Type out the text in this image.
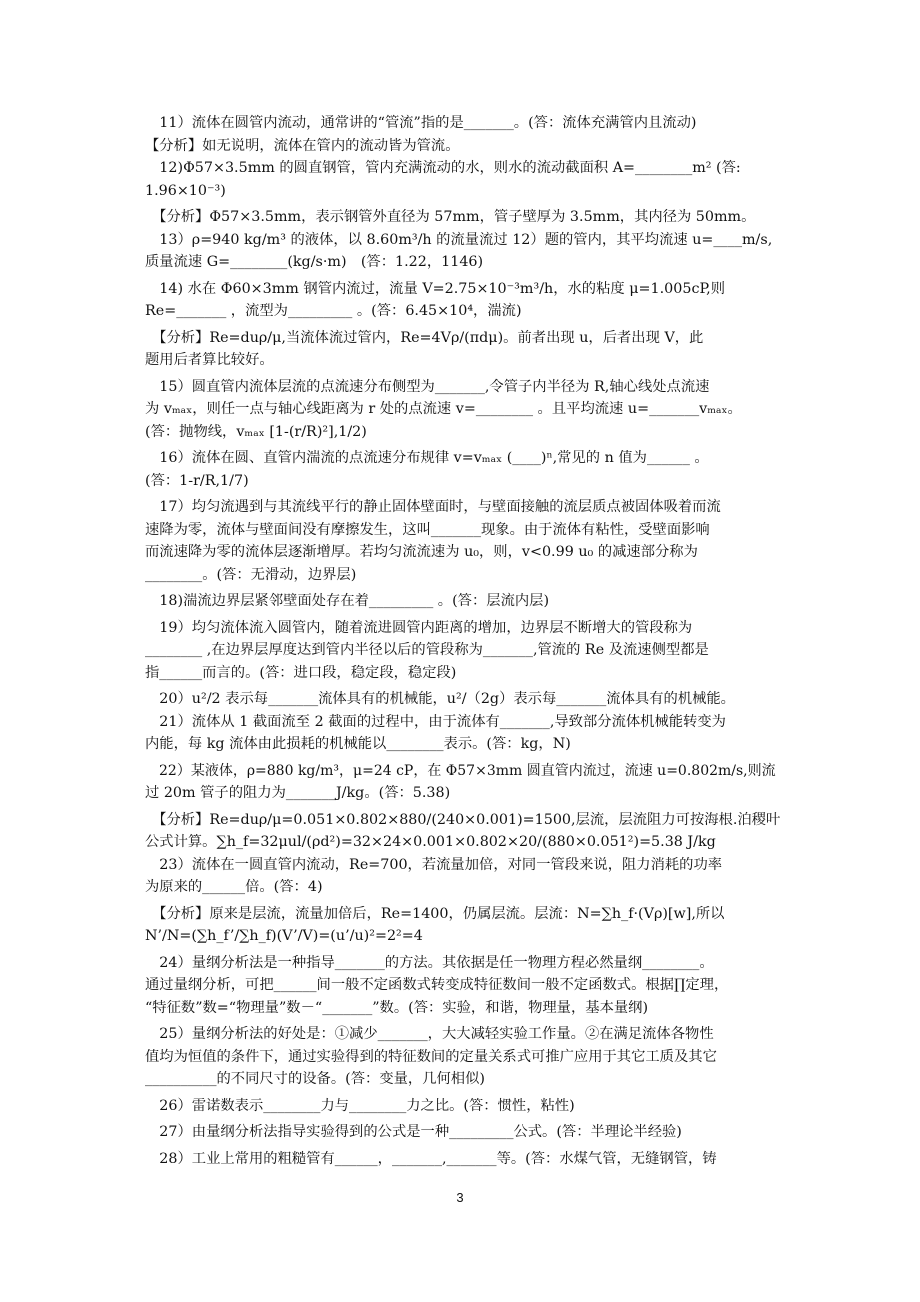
　11）流体在圆管内流动，通常讲的“管流”指的是_______。(答：流体充满管内且流动)
【分析】如无说明，流体在管内的流动皆为管流。
　12)Φ57×3.5mm 的圆直钢管，管内充满流动的水，则水的流动截面积 A=________m² (答:
1.96×10⁻³)
　【分析】Φ57×3.5mm，表示钢管外直径为 57mm，管子壁厚为 3.5mm，其内径为 50mm。
　13）ρ=940 kg/m³ 的液体，以 8.60m³/h 的流量流过 12）题的管内，其平均流速 u=____m/s,
质量流速 G=________(kg/s·m)　(答：1.22，1146)
　14) 水在 Φ60×3mm 钢管内流过，流量 V=2.75×10⁻³m³/h，水的粘度 μ=1.005cP,则
Re=_______ ，流型为_________ 。(答：6.45×10⁴，湍流)
　【分析】Re=duρ/μ,当流体流过管内，Re=4Vρ/(πdμ)。前者出现 u，后者出现 V，此
题用后者算比较好。
　15）圆直管内流体层流的点流速分布侧型为_______,令管子内半径为 R,轴心线处点流速
为 vₘₐₓ，则任一点与轴心线距离为 r 处的点流速 v=________ 。且平均流速 u=_______vₘₐₓ。
(答：抛物线，vₘₐₓ [1-(r/R)²],1/2)
　16）流体在圆、直管内湍流的点流速分布规律 v=vₘₐₓ (____)ⁿ,常见的 n 值为______ 。
(答：1-r/R,1/7)
　17）均匀流遇到与其流线平行的静止固体壁面时，与壁面接触的流层质点被固体吸着而流
速降为零，流体与壁面间没有摩擦发生，这叫_______现象。由于流体有粘性，受壁面影响
而流速降为零的流体层逐渐增厚。若均匀流流速为 u₀，则，v<0.99 u₀ 的减速部分称为
________。(答：无滑动，边界层)
　18)湍流边界层紧邻壁面处存在着_________ 。(答：层流内层)
　19）均匀流体流入圆管内，随着流进圆管内距离的增加，边界层不断增大的管段称为
________ ,在边界层厚度达到管内半径以后的管段称为_______,管流的 Re 及流速侧型都是
指______而言的。(答：进口段，稳定段，稳定段)
　20）u²/2 表示每_______流体具有的机械能，u²/（2g）表示每_______流体具有的机械能。
　21）流体从 1 截面流至 2 截面的过程中，由于流体有_______,导致部分流体机械能转变为
内能，每 kg 流体由此损耗的机械能以________表示。(答：kg，N)
　22）某液体，ρ=880 kg/m³，μ=24 cP，在 Φ57×3mm 圆直管内流过，流速 u=0.802m/s,则流
过 20m 管子的阻力为_______J/kg。(答：5.38)
　【分析】Re=duρ/μ=0.051×0.802×880/(240×0.001)=1500,层流，层流阻力可按海根.泊稷叶
公式计算。∑h_f=32μul/(ρd²)=32×24×0.001×0.802×20/(880×0.051²)=5.38 J/kg
　23）流体在一圆直管内流动，Re=700，若流量加倍，对同一管段来说，阻力消耗的功率
为原来的______倍。(答：4)
　【分析】原来是层流，流量加倍后，Re=1400，仍属层流。层流：N=∑h_f·(Vρ)[w],所以
N’/N=(∑h_f’/∑h_f)(V’/V)=(u’/u)²=2²=4
　24）量纲分析法是一种指导_______的方法。其依据是任一物理方程必然量纲________。
通过量纲分析，可把______间一般不定函数式转变成特征数间一般不定函数式。根据∏定理，
“特征数”数=“物理量”数－“_______”数。(答：实验，和谐，物理量，基本量纲)
　25）量纲分析法的好处是：①减少_______，大大减轻实验工作量。②在满足流体各物性
值均为恒值的条件下，通过实验得到的特征数间的定量关系式可推广应用于其它工质及其它
__________的不同尺寸的设备。(答：变量，几何相似)
　26）雷诺数表示________力与________力之比。(答：惯性，粘性)
　27）由量纲分析法指导实验得到的公式是一种_________公式。(答：半理论半经验)
　28）工业上常用的粗糙管有______，_______,_______等。(答：水煤气管，无缝钢管，铸
3
